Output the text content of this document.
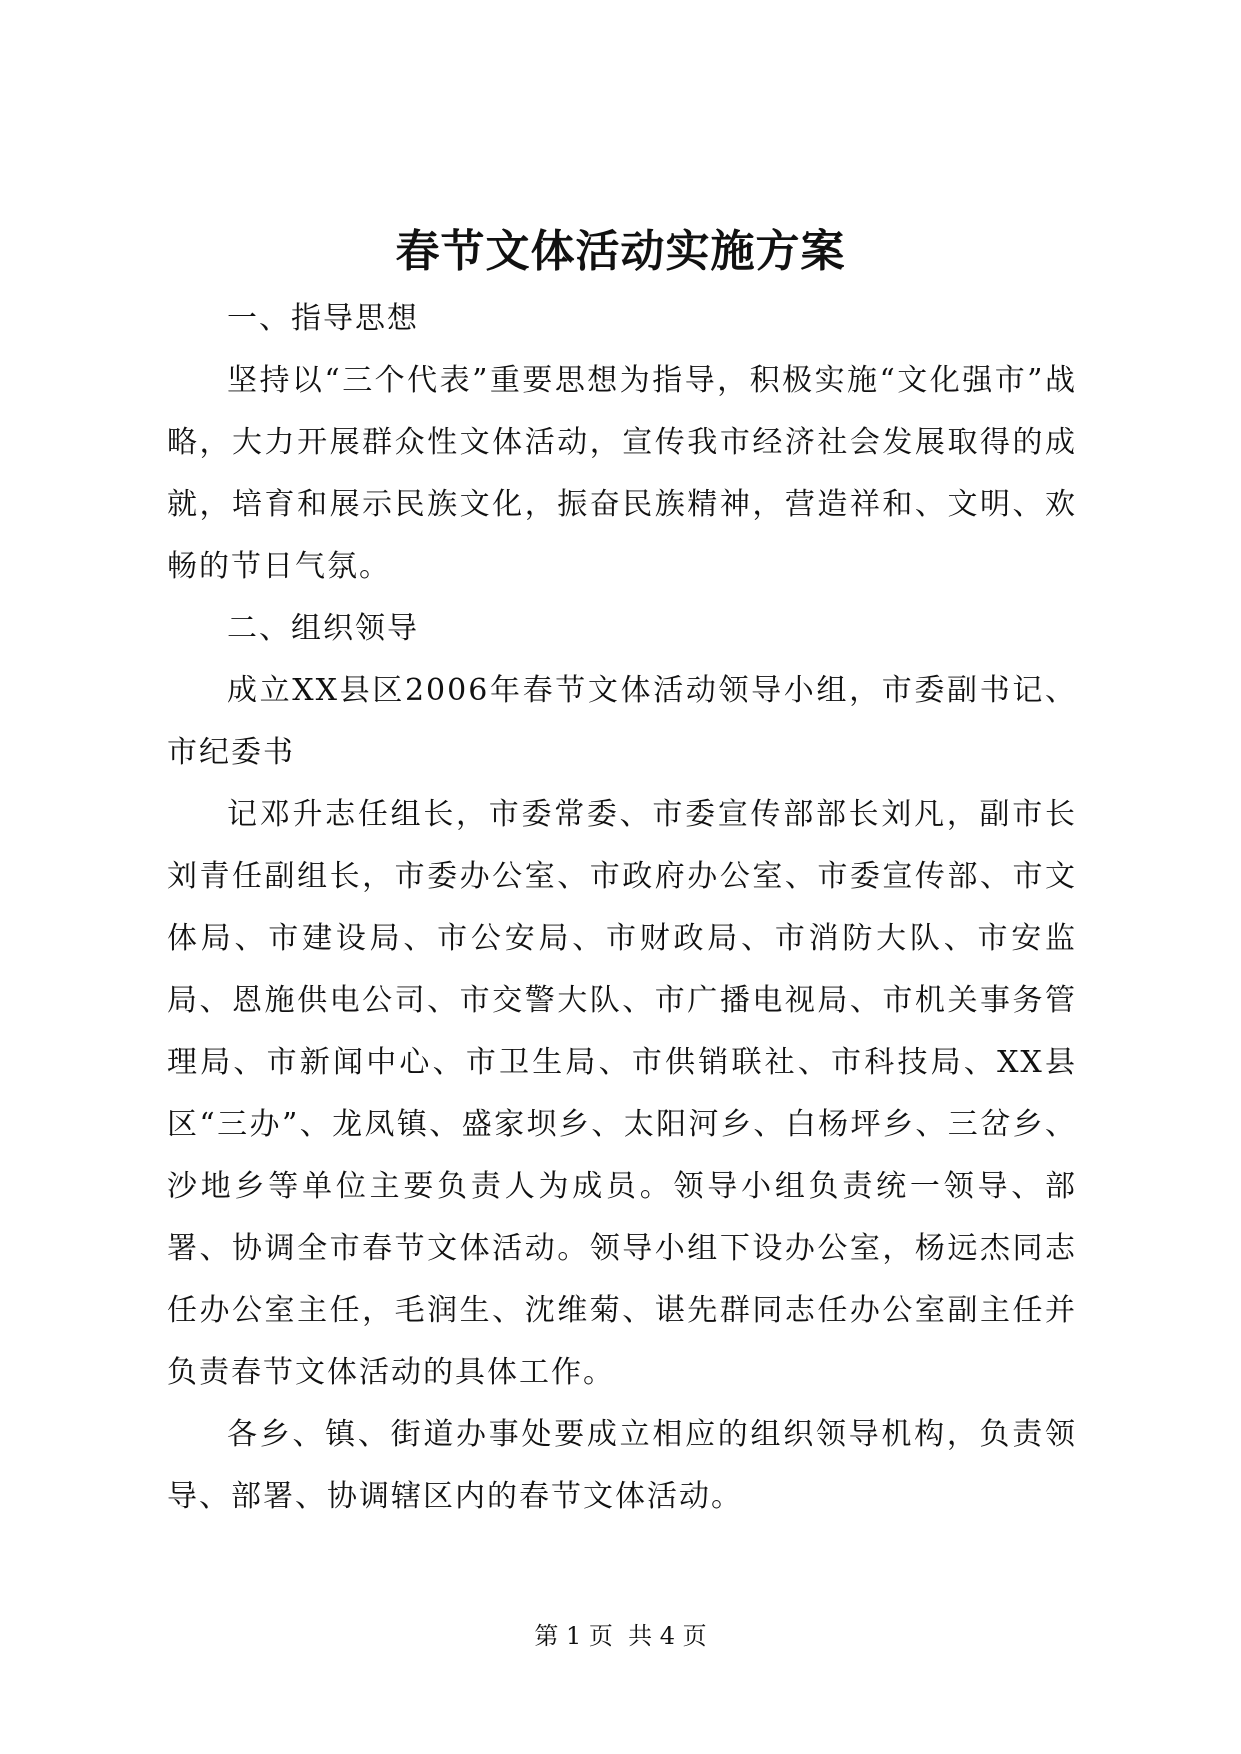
春节文体活动实施方案

一、指导思想

坚持以“三个代表”重要思想为指导，积极实施“文化强市”战略，大力开展群众性文体活动，宣传我市经济社会发展取得的成就，培育和展示民族文化，振奋民族精神，营造祥和、文明、欢畅的节日气氛。

二、组织领导

成立XX县区2006年春节文体活动领导小组，市委副书记、市纪委书

记邓升志任组长，市委常委、市委宣传部部长刘凡，副市长刘青任副组长，市委办公室、市政府办公室、市委宣传部、市文体局、市建设局、市公安局、市财政局、市消防大队、市安监局、恩施供电公司、市交警大队、市广播电视局、市机关事务管理局、市新闻中心、市卫生局、市供销联社、市科技局、XX县区“三办”、龙凤镇、盛家坝乡、太阳河乡、白杨坪乡、三岔乡、沙地乡等单位主要负责人为成员。领导小组负责统一领导、部署、协调全市春节文体活动。领导小组下设办公室，杨远杰同志任办公室主任，毛润生、沈维菊、谌先群同志任办公室副主任并负责春节文体活动的具体工作。

各乡、镇、街道办事处要成立相应的组织领导机构，负责领导、部署、协调辖区内的春节文体活动。

第 1 页  共 4 页
